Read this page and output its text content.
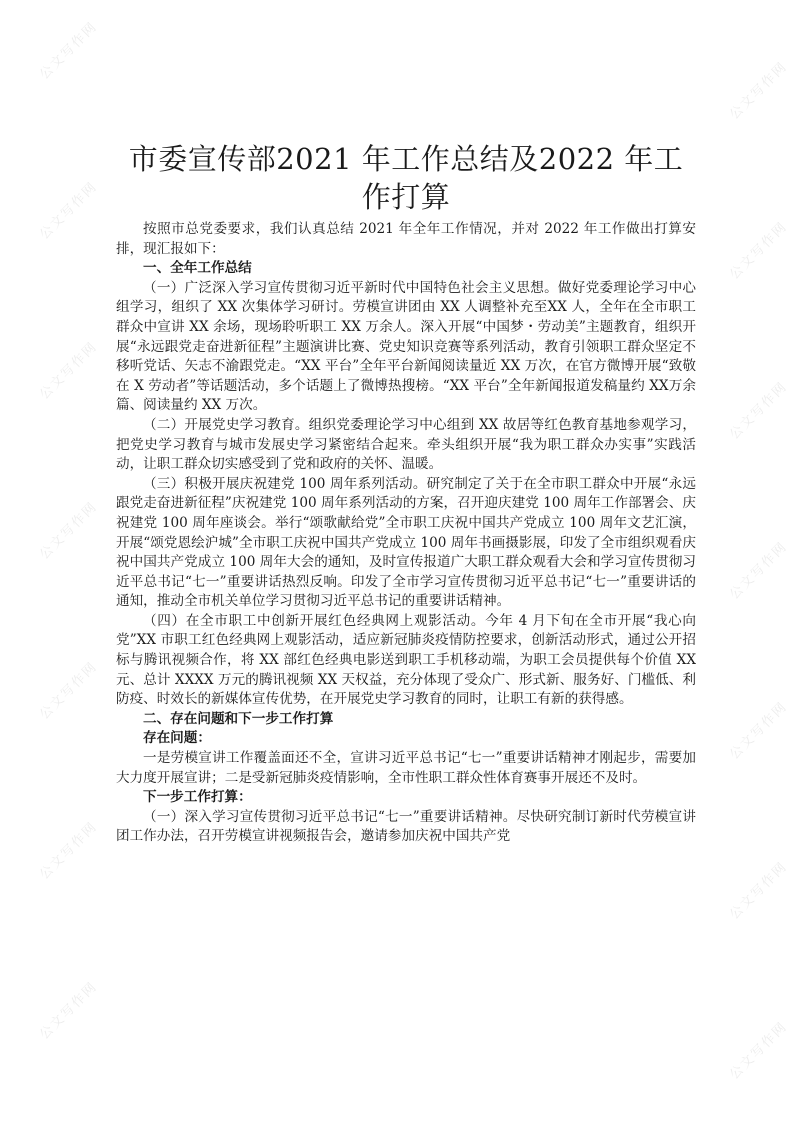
公文写作网
公文写作网
公文写作网
公文写作网
公文写作网
公文写作网
公文写作网
公文写作网
公文写作网
公文写作网
公文写作网
公文写作网
公文写作网
公文写作网
市委宣传部2021 年工作总结及2022 年工作打算

按照市总党委要求，我们认真总结 2021 年全年工作情况，并对 2022 年工作做出打算安排，现汇报如下：

一、全年工作总结

（一）广泛深入学习宣传贯彻习近平新时代中国特色社会主义思想。做好党委理论学习中心组学习，组织了 XX 次集体学习研讨。劳模宣讲团由 XX 人调整补充至XX 人，全年在全市职工群众中宣讲 XX 余场，现场聆听职工 XX 万余人。深入开展“中国梦・劳动美”主题教育，组织开展“永远跟党走奋进新征程”主题演讲比赛、党史知识竞赛等系列活动，教育引领职工群众坚定不移听党话、矢志不渝跟党走。“XX 平台”全年平台新闻阅读量近 XX 万次，在官方微博开展“致敬在 X 劳动者”等话题活动，多个话题上了微博热搜榜。“XX 平台”全年新闻报道发稿量约 XX万余篇、阅读量约 XX 万次。

（二）开展党史学习教育。组织党委理论学习中心组到 XX 故居等红色教育基地参观学习，把党史学习教育与城市发展史学习紧密结合起来。牵头组织开展“我为职工群众办实事”实践活动，让职工群众切实感受到了党和政府的关怀、温暖。

（三）积极开展庆祝建党 100 周年系列活动。研究制定了关于在全市职工群众中开展“永远跟党走奋进新征程”庆祝建党 100 周年系列活动的方案，召开迎庆建党 100 周年工作部署会、庆祝建党 100 周年座谈会。举行“颂歌献给党”全市职工庆祝中国共产党成立 100 周年文艺汇演，开展“颂党恩绘沪城”全市职工庆祝中国共产党成立 100 周年书画摄影展，印发了全市组织观看庆祝中国共产党成立 100 周年大会的通知，及时宣传报道广大职工群众观看大会和学习宣传贯彻习近平总书记“七一”重要讲话热烈反响。印发了全市学习宣传贯彻习近平总书记“七一”重要讲话的通知，推动全市机关单位学习贯彻习近平总书记的重要讲话精神。

（四）在全市职工中创新开展红色经典网上观影活动。今年 4 月下旬在全市开展“我心向党”XX 市职工红色经典网上观影活动，适应新冠肺炎疫情防控要求，创新活动形式，通过公开招标与腾讯视频合作，将 XX 部红色经典电影送到职工手机移动端，为职工会员提供每个价值 XX 元、总计 XXXX 万元的腾讯视频 XX 天权益，充分体现了受众广、形式新、服务好、门槛低、利防疫、时效长的新媒体宣传优势，在开展党史学习教育的同时，让职工有新的获得感。

二、存在问题和下一步工作打算

存在问题：

一是劳模宣讲工作覆盖面还不全，宣讲习近平总书记“七一”重要讲话精神才刚起步，需要加大力度开展宣讲；二是受新冠肺炎疫情影响，全市性职工群众性体育赛事开展还不及时。

下一步工作打算：

（一）深入学习宣传贯彻习近平总书记“七一”重要讲话精神。尽快研究制订新时代劳模宣讲团工作办法，召开劳模宣讲视频报告会，邀请参加庆祝中国共产党
